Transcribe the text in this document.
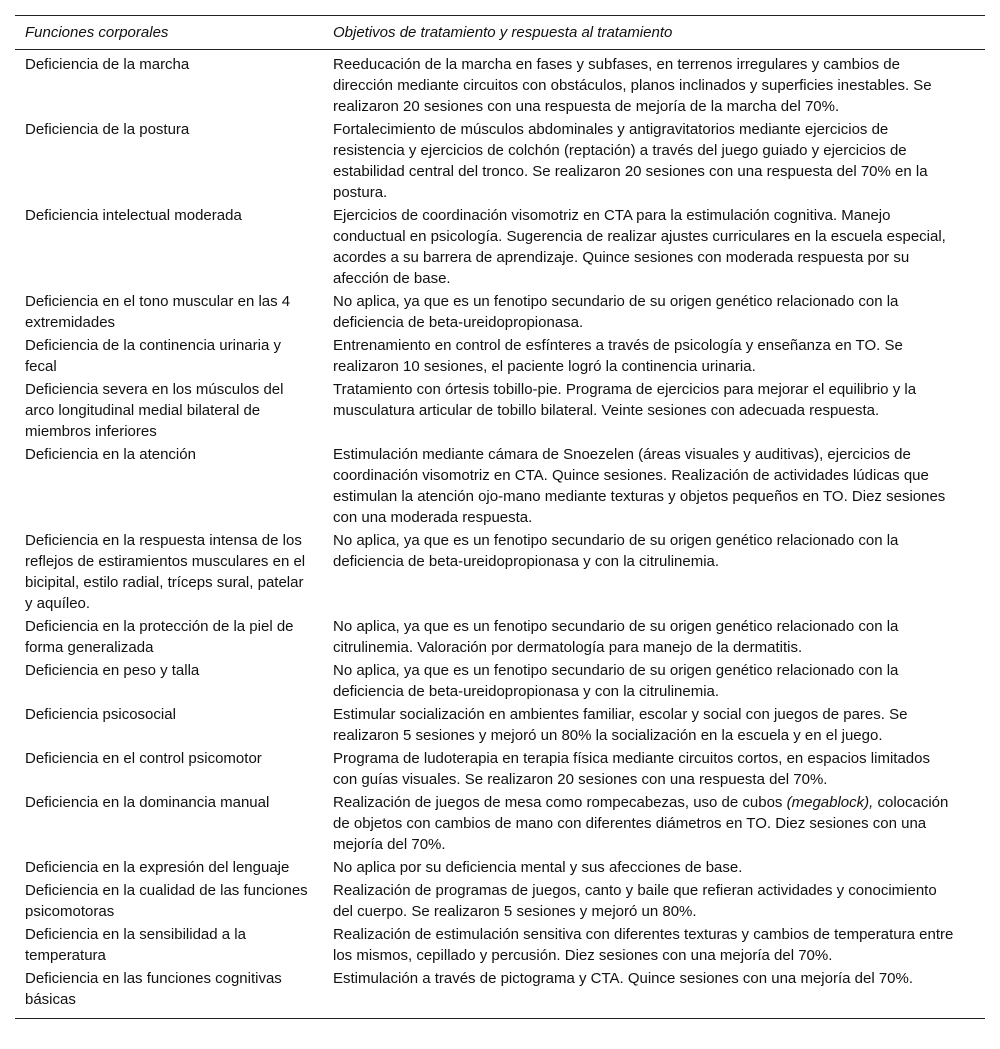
Funciones corporales	Objetivos de tratamiento y respuesta al tratamiento
Deficiencia de la marcha	Reeducación de la marcha en fases y subfases, en terrenos irregulares y cambios de dirección mediante circuitos con obstáculos, planos inclinados y superficies inestables. Se realizaron 20 sesiones con una respuesta de mejoría de la marcha del 70%.
Deficiencia de la postura	Fortalecimiento de músculos abdominales y antigravitatorios mediante ejercicios de resistencia y ejercicios de colchón (reptación) a través del juego guiado y ejercicios de estabilidad central del tronco. Se realizaron 20 sesiones con una respuesta del 70% en la postura.
Deficiencia intelectual moderada	Ejercicios de coordinación visomotriz en CTA para la estimulación cognitiva. Manejo conductual en psicología. Sugerencia de realizar ajustes curriculares en la escuela especial, acordes a su barrera de aprendizaje. Quince sesiones con moderada respuesta por su afección de base.
Deficiencia en el tono muscular en las 4 extremidades	No aplica, ya que es un fenotipo secundario de su origen genético relacionado con la deficiencia de beta-ureidopropionasa.
Deficiencia de la continencia urinaria y fecal	Entrenamiento en control de esfínteres a través de psicología y enseñanza en TO. Se realizaron 10 sesiones, el paciente logró la continencia urinaria.
Deficiencia severa en los músculos del arco longitudinal medial bilateral de miembros inferiores	Tratamiento con órtesis tobillo-pie. Programa de ejercicios para mejorar el equilibrio y la musculatura articular de tobillo bilateral. Veinte sesiones con adecuada respuesta.
Deficiencia en la atención	Estimulación mediante cámara de Snoezelen (áreas visuales y auditivas), ejercicios de coordinación visomotriz en CTA. Quince sesiones. Realización de actividades lúdicas que estimulan la atención ojo-mano mediante texturas y objetos pequeños en TO. Diez sesiones con una moderada respuesta.
Deficiencia en la respuesta intensa de los reflejos de estiramientos musculares en el bicipital, estilo radial, tríceps sural, patelar y aquíleo.	No aplica, ya que es un fenotipo secundario de su origen genético relacionado con la deficiencia de beta-ureidopropionasa y con la citrulinemia.
Deficiencia en la protección de la piel de forma generalizada	No aplica, ya que es un fenotipo secundario de su origen genético relacionado con la citrulinemia. Valoración por dermatología para manejo de la dermatitis.
Deficiencia en peso y talla	No aplica, ya que es un fenotipo secundario de su origen genético relacionado con la deficiencia de beta-ureidopropionasa y con la citrulinemia.
Deficiencia psicosocial	Estimular socialización en ambientes familiar, escolar y social con juegos de pares. Se realizaron 5 sesiones y mejoró un 80% la socialización en la escuela y en el juego.
Deficiencia en el control psicomotor	Programa de ludoterapia en terapia física mediante circuitos cortos, en espacios limitados con guías visuales. Se realizaron 20 sesiones con una respuesta del 70%.
Deficiencia en la dominancia manual	Realización de juegos de mesa como rompecabezas, uso de cubos (megablock), colocación de objetos con cambios de mano con diferentes diámetros en TO. Diez sesiones con una mejoría del 70%.
Deficiencia en la expresión del lenguaje	No aplica por su deficiencia mental y sus afecciones de base.
Deficiencia en la cualidad de las funciones psicomotoras	Realización de programas de juegos, canto y baile que refieran actividades y conocimiento del cuerpo. Se realizaron 5 sesiones y mejoró un 80%.
Deficiencia en la sensibilidad a la temperatura	Realización de estimulación sensitiva con diferentes texturas y cambios de temperatura entre los mismos, cepillado y percusión. Diez sesiones con una mejoría del 70%.
Deficiencia en las funciones cognitivas básicas	Estimulación a través de pictograma y CTA. Quince sesiones con una mejoría del 70%.
